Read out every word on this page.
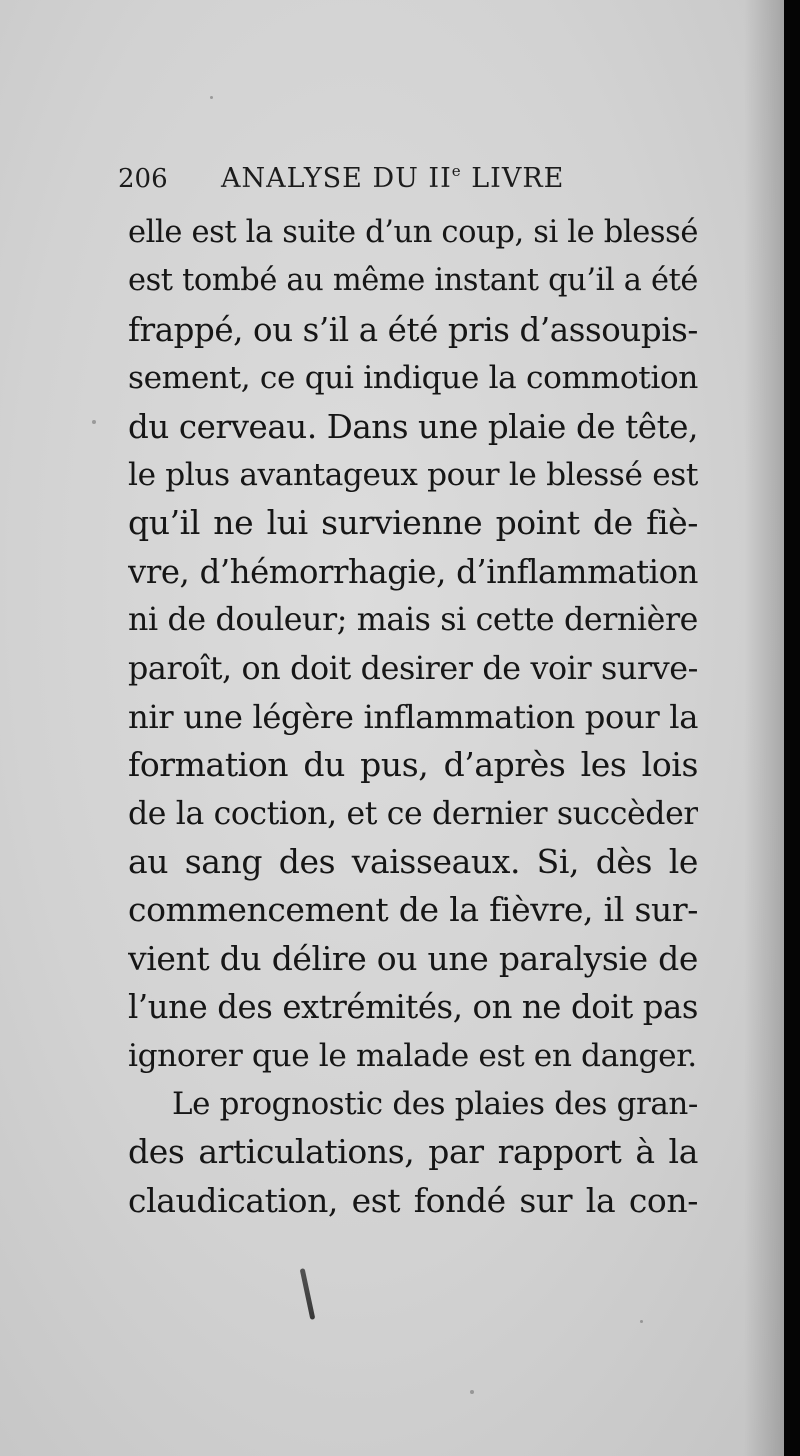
206 ANALYSE DU IIe LIVRE
elle est la suite d’un coup, si le blessé
est tombé au même instant qu’il a été
frappé, ou s’il a été pris d’assoupis-
sement, ce qui indique la commotion
du cerveau. Dans une plaie de tête,
le plus avantageux pour le blessé est
qu’il ne lui survienne point de fiè-
vre, d’hémorrhagie, d’inflammation
ni de douleur; mais si cette dernière
paroît, on doit desirer de voir surve-
nir une légère inflammation pour la
formation du pus, d’après les lois
de la coction, et ce dernier succèder
au sang des vaisseaux. Si, dès le
commencement de la fièvre, il sur-
vient du délire ou une paralysie de
l’une des extrémités, on ne doit pas
ignorer que le malade est en danger.
Le prognostic des plaies des gran-
des articulations, par rapport à la
claudication, est fondé sur la con-
